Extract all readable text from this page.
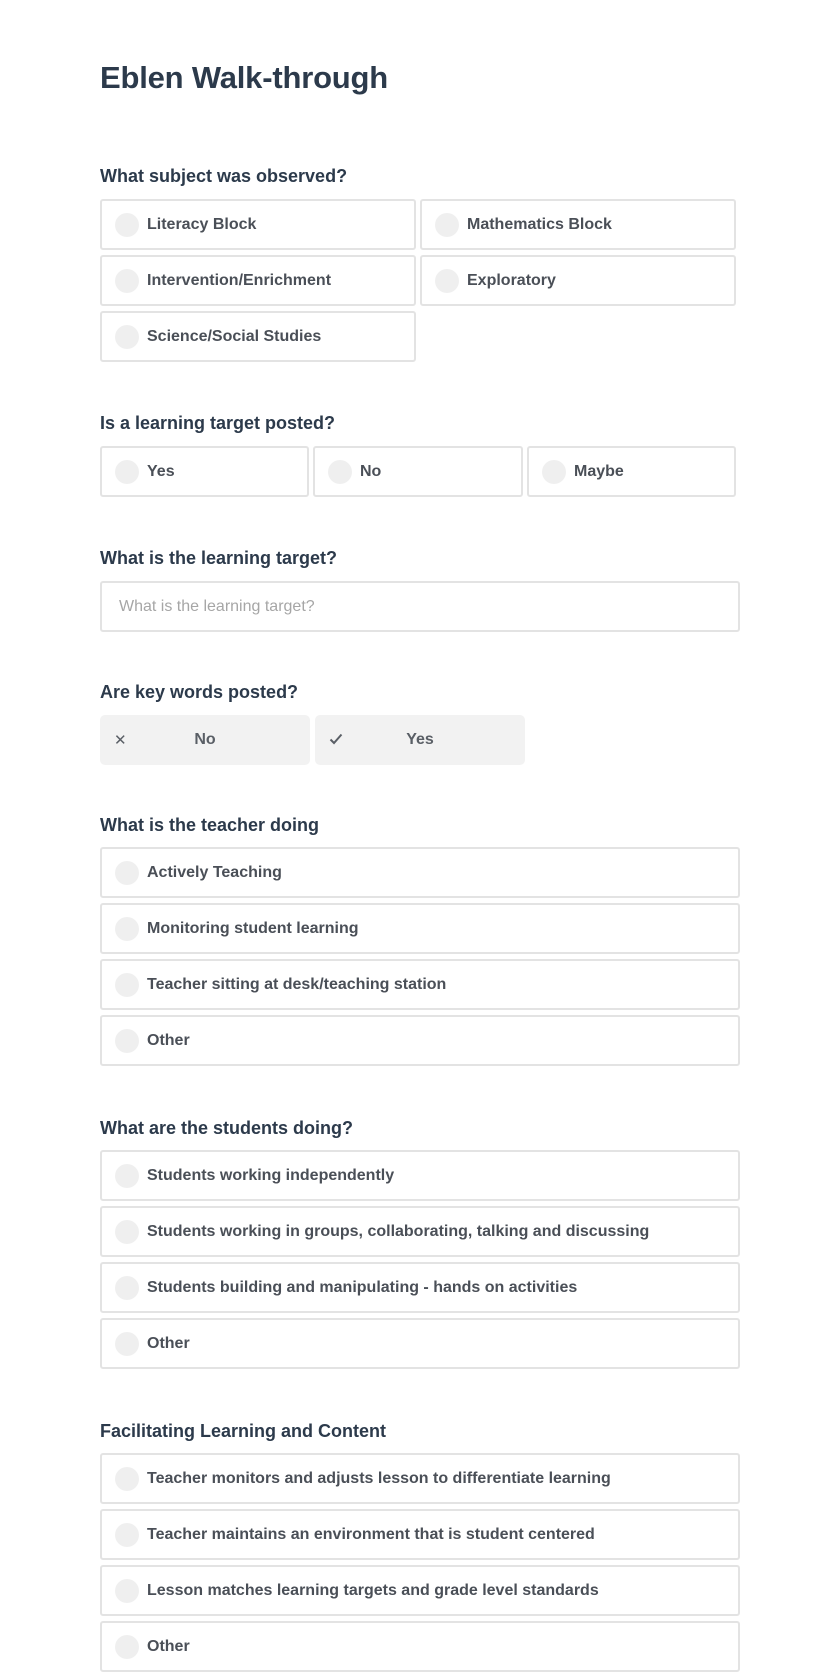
Eblen Walk-through
What subject was observed?
Literacy Block	Mathematics Block
Intervention/Enrichment	Exploratory
Science/Social Studies
Is a learning target posted?
Yes	No	Maybe
What is the learning target?
What is the learning target?
Are key words posted?
✕	No	Yes
What is the teacher doing
Actively Teaching
Monitoring student learning
Teacher sitting at desk/teaching station
Other
What are the students doing?
Students working independently
Students working in groups, collaborating, talking and discussing
Students building and manipulating - hands on activities
Other
Facilitating Learning and Content
Teacher monitors and adjusts lesson to differentiate learning
Teacher maintains an environment that is student centered
Lesson matches learning targets and grade level standards
Other
